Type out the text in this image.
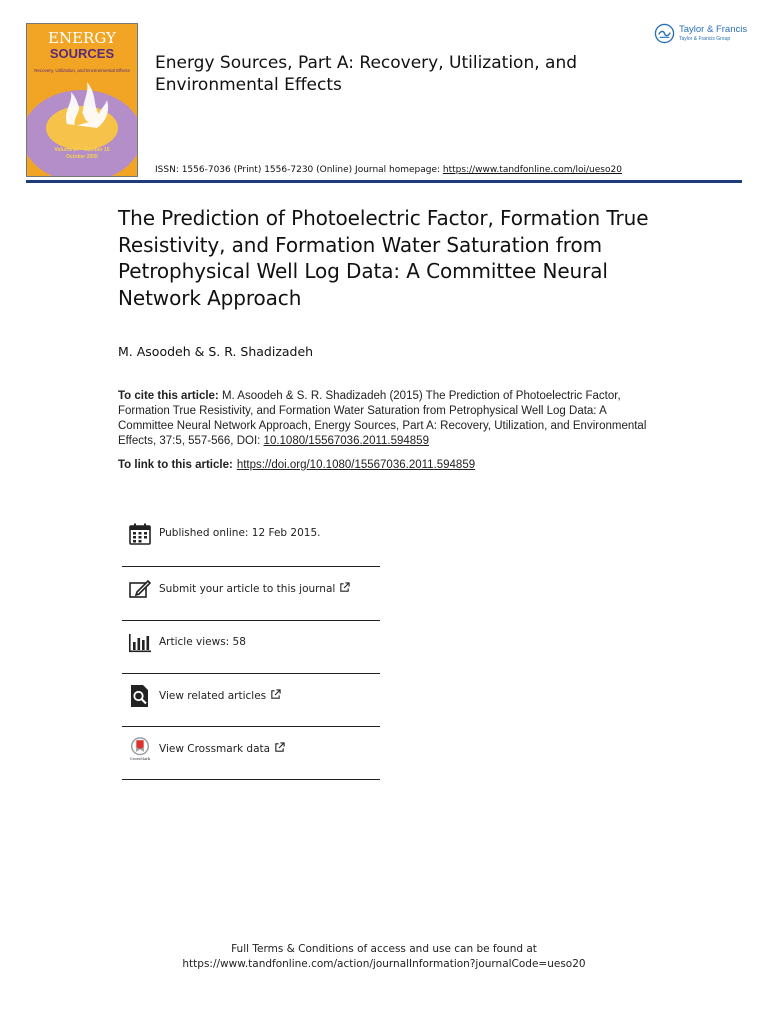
ENERGY
SOURCES
Recovery, Utilization, and Environmental Effects
Volume 27 • Number 15
October 2005
Energy Sources, Part A: Recovery, Utilization, and Environmental Effects
Taylor & Francis
Taylor & Francis Group
ISSN: 1556-7036 (Print) 1556-7230 (Online) Journal homepage: https://www.tandfonline.com/loi/ueso20
The Prediction of Photoelectric Factor, Formation True Resistivity, and Formation Water Saturation from Petrophysical Well Log Data: A Committee Neural Network Approach
M. Asoodeh & S. R. Shadizadeh
To cite this article: M. Asoodeh & S. R. Shadizadeh (2015) The Prediction of Photoelectric Factor, Formation True Resistivity, and Formation Water Saturation from Petrophysical Well Log Data: A Committee Neural Network Approach, Energy Sources, Part A: Recovery, Utilization, and Environmental Effects, 37:5, 557-566, DOI: 10.1080/15567036.2011.594859
To link to this article: https://doi.org/10.1080/15567036.2011.594859
Published online: 12 Feb 2015.
Submit your article to this journal
Article views: 58
View related articles
CrossMark
View Crossmark data
Full Terms & Conditions of access and use can be found at
https://www.tandfonline.com/action/journalInformation?journalCode=ueso20
